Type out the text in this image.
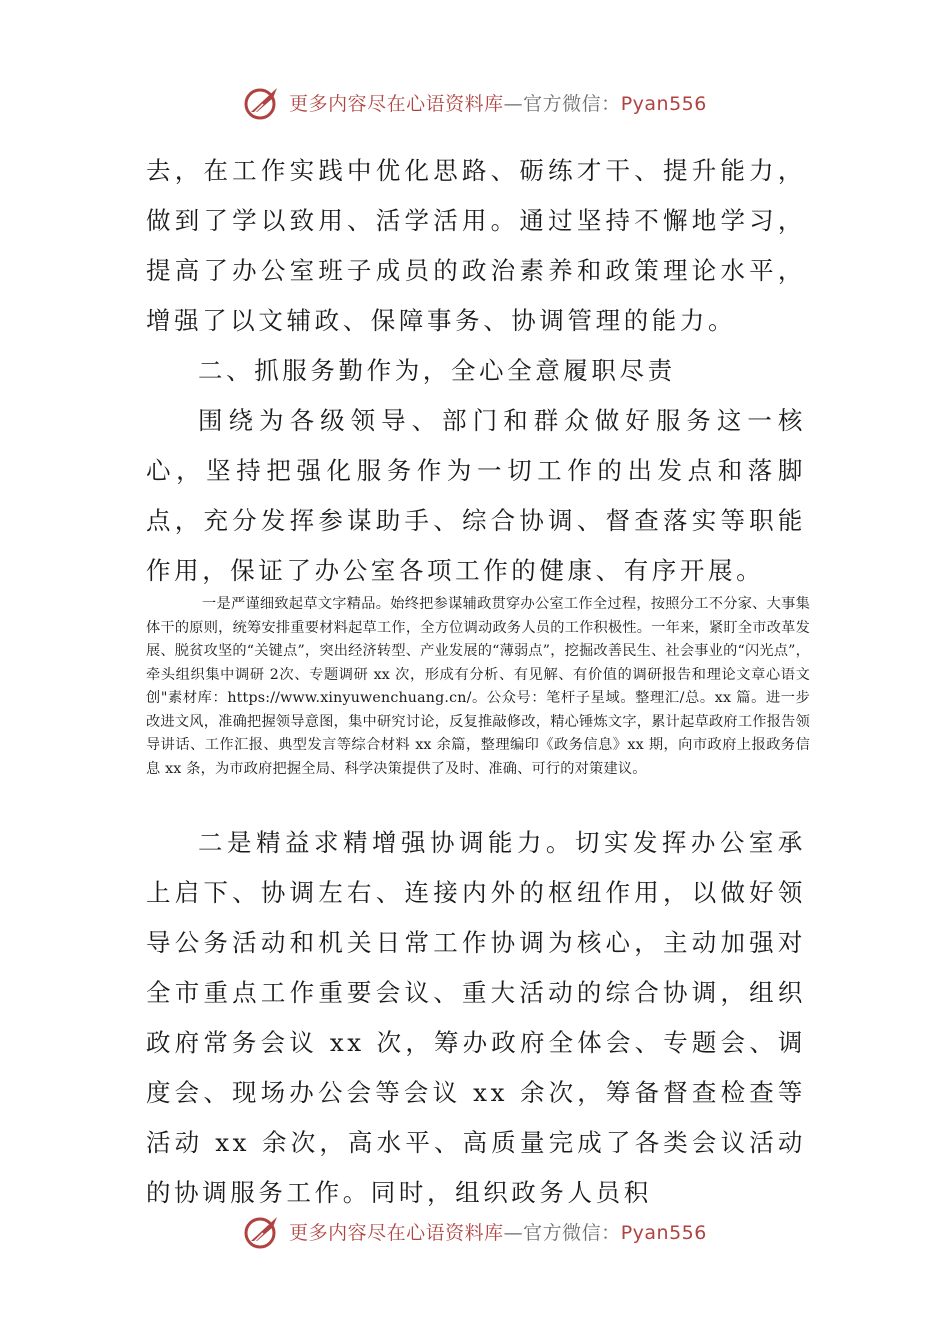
更多内容尽在心语资料库—官方微信：Pyan556

去，在工作实践中优化思路、砺练才干、提升能力，做到了学以致用、活学活用。通过坚持不懈地学习，提高了办公室班子成员的政治素养和政策理论水平，增强了以文辅政、保障事务、协调管理的能力。

二、抓服务勤作为，全心全意履职尽责

围绕为各级领导、部门和群众做好服务这一核心，坚持把强化服务作为一切工作的出发点和落脚点，充分发挥参谋助手、综合协调、督查落实等职能作用，保证了办公室各项工作的健康、有序开展。

一是严谨细致起草文字精品。始终把参谋辅政贯穿办公室工作全过程，按照分工不分家、大事集体干的原则，统筹安排重要材料起草工作，全方位调动政务人员的工作积极性。一年来，紧盯全市改革发展、脱贫攻坚的“关键点”，突出经济转型、产业发展的“薄弱点”，挖掘改善民生、社会事业的“闪光点”，牵头组织集中调研 2次、专题调研 xx 次，形成有分析、有见解、有价值的调研报告和理论文章心语文创"素材库：https://www.xinyuwenchuang.cn/。公众号：笔杆子星域。整理汇/总。xx 篇。进一步改进文风，准确把握领导意图，集中研究讨论，反复推敲修改，精心锤炼文字，累计起草政府工作报告领导讲话、工作汇报、典型发言等综合材料 xx 余篇，整理编印《政务信息》xx 期，向市政府上报政务信息 xx 条，为市政府把握全局、科学决策提供了及时、准确、可行的对策建议。

二是精益求精增强协调能力。切实发挥办公室承上启下、协调左右、连接内外的枢纽作用，以做好领导公务活动和机关日常工作协调为核心，主动加强对全市重点工作重要会议、重大活动的综合协调，组织政府常务会议 xx 次，筹办政府全体会、专题会、调度会、现场办公会等会议 xx 余次，筹备督查检查等活动 xx 余次，高水平、高质量完成了各类会议活动的协调服务工作。同时，组织政务人员积

更多内容尽在心语资料库—官方微信：Pyan556
